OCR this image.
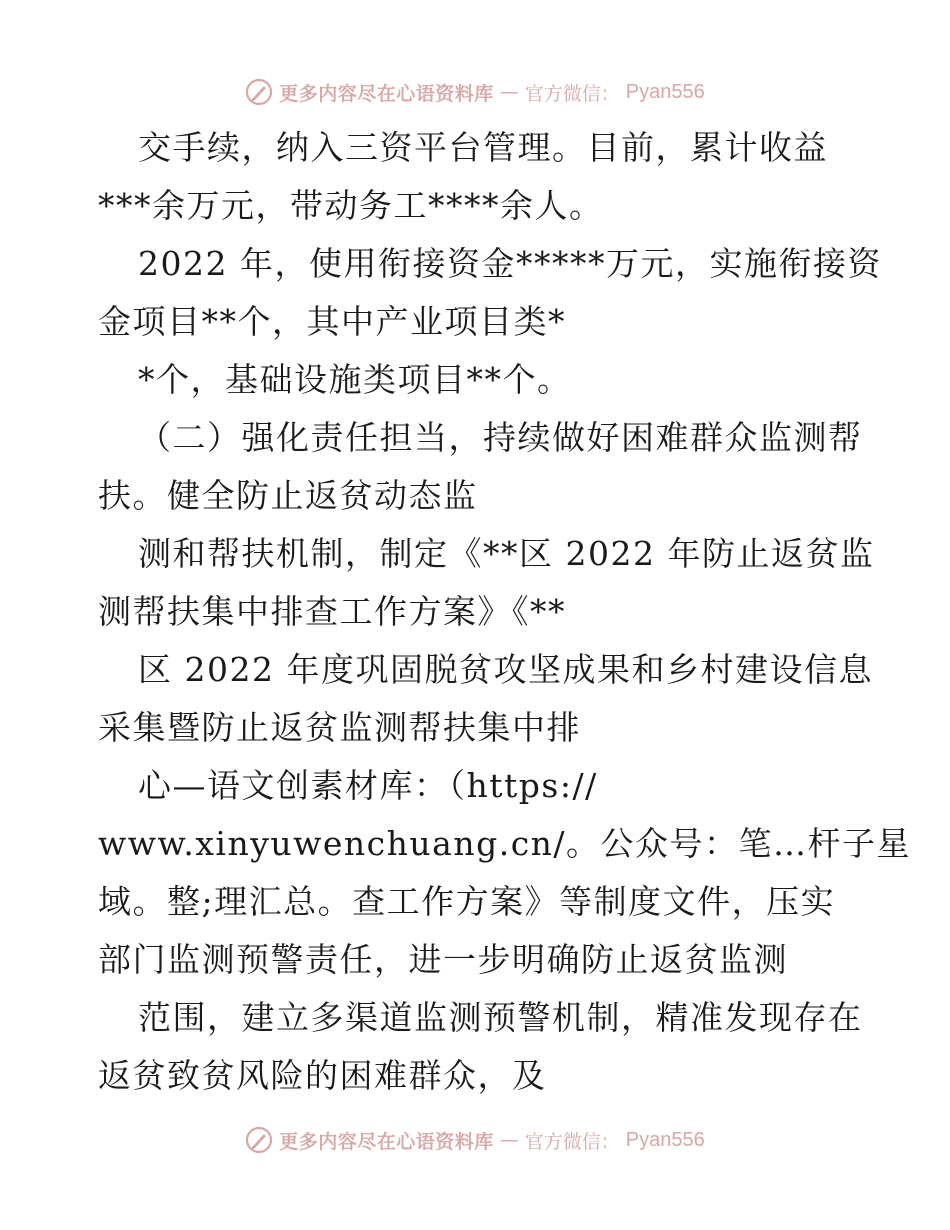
更多内容尽在心语资料库 — 官方微信： Pyan556
交手续，纳入三资平台管理。目前，累计收益
***余万元，带动务工****余人。
2022 年，使用衔接资金*****万元，实施衔接资
金项目**个，其中产业项目类*
*个，基础设施类项目**个。
（二）强化责任担当，持续做好困难群众监测帮
扶。健全防止返贫动态监
测和帮扶机制，制定《**区 2022 年防止返贫监
测帮扶集中排查工作方案》《**
区 2022 年度巩固脱贫攻坚成果和乡村建设信息
采集暨防止返贫监测帮扶集中排
心—语文创素材库：（https://
www.xinyuwenchuang.cn/。公众号：笔…杆子星
域。整;理汇总。查工作方案》等制度文件，压实
部门监测预警责任，进一步明确防止返贫监测
范围，建立多渠道监测预警机制，精准发现存在
返贫致贫风险的困难群众，及
更多内容尽在心语资料库 — 官方微信： Pyan556
